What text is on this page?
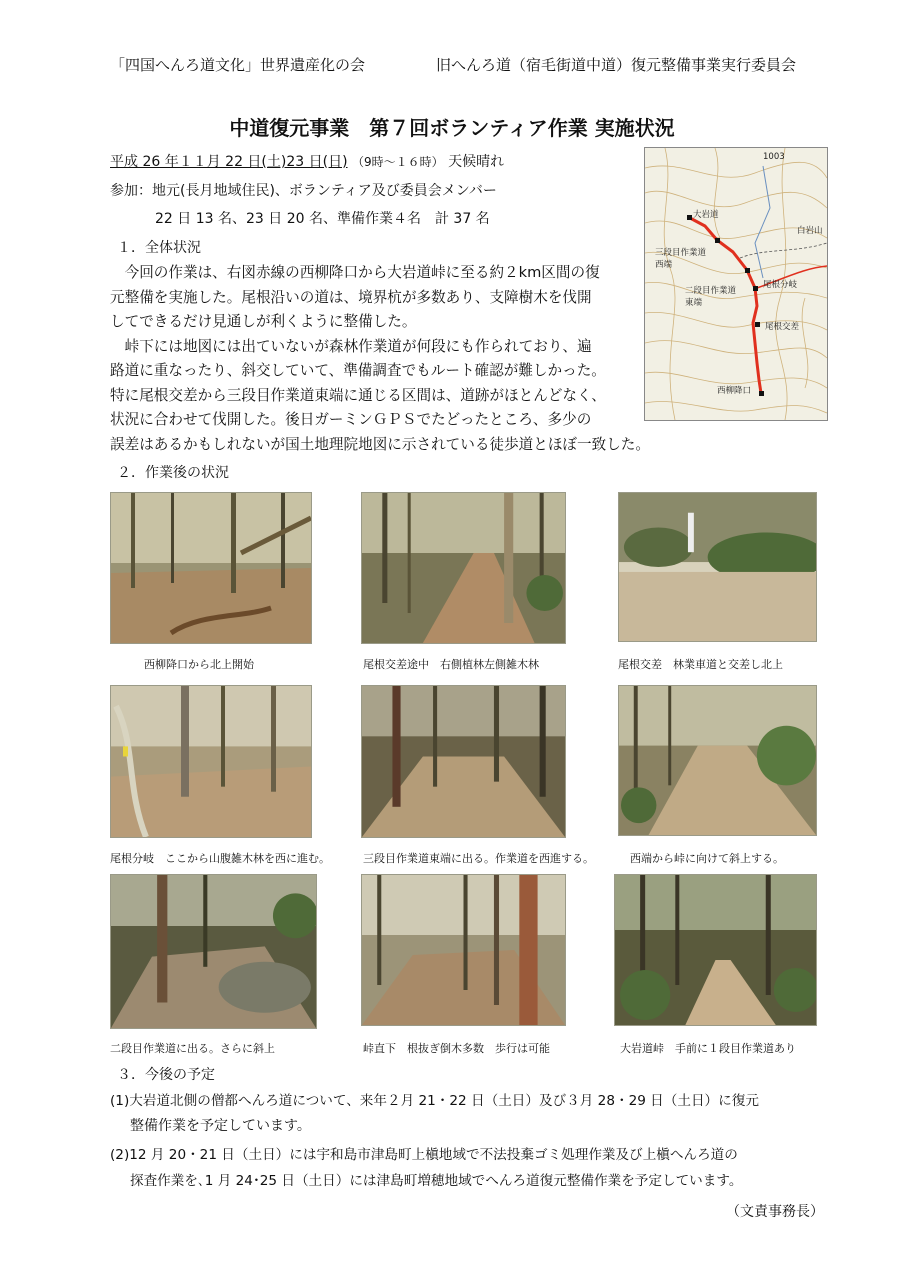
「四国へんろ道文化」世界遺産化の会	旧へんろ道（宿毛街道中道）復元整備事業実行委員会
中道復元事業　第７回ボランティア作業 実施状況
平成 26 年１１月 22 日(土)23 日(日) （9時～１６時） 天候晴れ
参加：地元(長月地域住民)、ボランティア及び委員会メンバー
22 日 13 名、23 日 20 名、準備作業４名　計 37 名
１．全体状況
　今回の作業は、右図赤線の西柳降口から大岩道峠に至る約２km区間の復
元整備を実施した。尾根沿いの道は、境界杭が多数あり、支障樹木を伐開
してできるだけ見通しが利くように整備した。
　峠下には地図には出ていないが森林作業道が何段にも作られており、遍
路道に重なったり、斜交していて、準備調査でもルート確認が難しかった。
特に尾根交差から三段目作業道東端に通じる区間は、道跡がほとんどなく、
状況に合わせて伐開した。後日ガーミンＧＰＳでたどったところ、多少の
誤差はあるかもしれないが国土地理院地図に示されている徒歩道とほぼ一致した。
大岩道
三段目作業道
西端
二段目作業道
東端
尾根分岐
尾根交差
西柳降口
白岩山
1003
２．作業後の状況
西柳降口から北上開始	尾根交差途中　右側植林左側雑木林	尾根交差　林業車道と交差し北上
尾根分岐　ここから山腹雑木林を西に進む。	三段目作業道東端に出る。作業道を西進する。	西端から峠に向けて斜上する。
二段目作業道に出る。さらに斜上	峠直下　根抜ぎ倒木多数　歩行は可能	大岩道峠　手前に１段目作業道あり
３．今後の予定
(1)大岩道北側の僧都へんろ道について、来年２月 21・22 日（土日）及び３月 28・29 日（土日）に復元
整備作業を予定しています。
(2)12 月 20・21 日（土日）には宇和島市津島町上槇地域で不法投棄ゴミ処理作業及び上槇へんろ道の
探査作業を､1 月 24･25 日（土日）には津島町増穂地域でへんろ道復元整備作業を予定しています。
（文責事務長）
